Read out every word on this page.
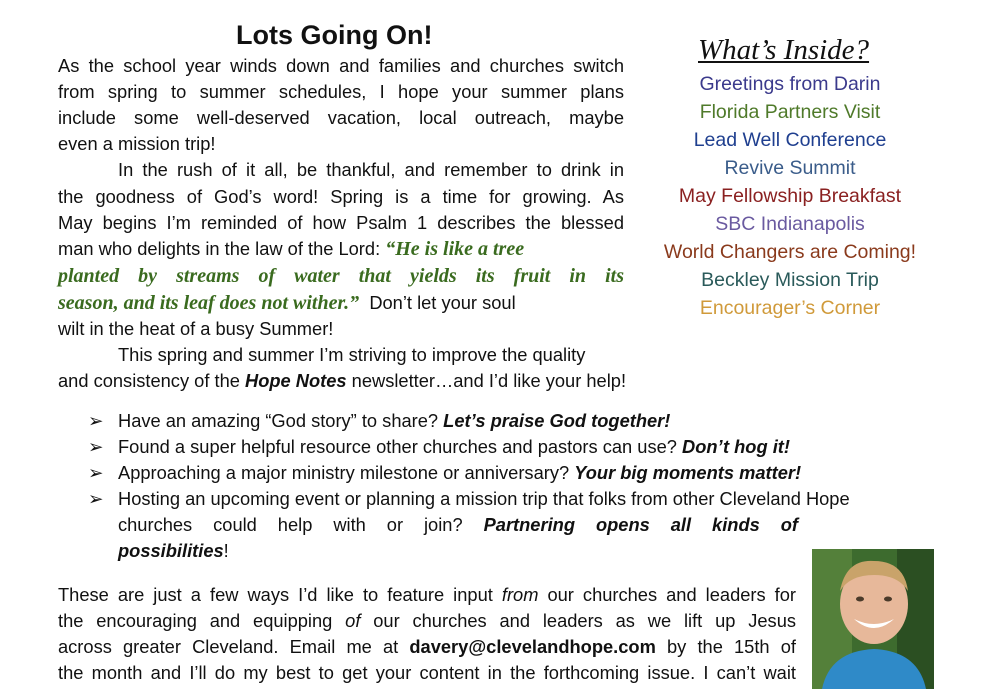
Lots Going On!
As the school year winds down and families and churches switch
from spring to summer schedules, I hope your summer plans
include some well-deserved vacation, local outreach, maybe
even a mission trip!
In the rush of it all, be thankful, and remember to drink in
the goodness of God’s word! Spring is a time for growing. As
May begins I’m reminded of how Psalm 1 describes the blessed
man who delights in the law of the Lord: “He is like a tree
planted by streams of water that yields its fruit in its
season, and its leaf does not wither.”  Don’t let your soul
wilt in the heat of a busy Summer!
This spring and summer I’m striving to improve the quality
and consistency of the Hope Notes newsletter…and I’d like your help!
What’s Inside?
Greetings from Darin
Florida Partners Visit
Lead Well Conference
Revive Summit
May Fellowship Breakfast
SBC Indianapolis
World Changers are Coming!
Beckley Mission Trip
Encourager’s Corner
➢ Have an amazing “God story” to share? Let’s praise God together!
➢ Found a super helpful resource other churches and pastors can use? Don’t hog it!
➢ Approaching a major ministry milestone or anniversary? Your big moments matter!
➢ Hosting an upcoming event or planning a mission trip that folks from other Cleveland Hope
churches could help with or join? Partnering opens all kinds of
possibilities!
These are just a few ways I’d like to feature input from our churches and leaders for
the encouraging and equipping of our churches and leaders as we lift up Jesus
across greater Cleveland. Email me at davery@clevelandhope.com by the 15th of
the month and I’ll do my best to get your content in the forthcoming issue. I can’t wait
